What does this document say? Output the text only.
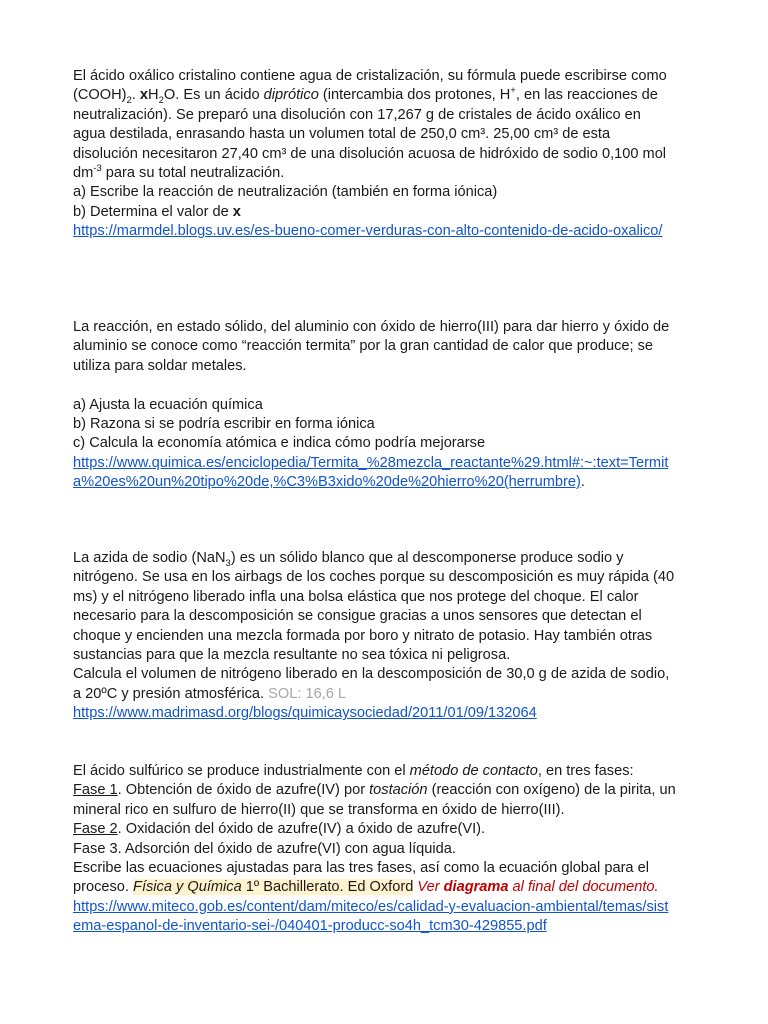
El ácido oxálico cristalino contiene agua de cristalización, su fórmula puede escribirse como
$(COOH)_2$. $xH_2O$. Es un ácido diprótico (intercambia dos protones, H+, en las reacciones de
neutralización). Se preparó una disolución con 17,267 g de cristales de ácido oxálico en
agua destilada, enrasando hasta un volumen total de 250,0 cm³. 25,00 cm³ de esta
disolución necesitaron 27,40 cm³ de una disolución acuosa de hidróxido de sodio 0,100 mol
$dm^{-3}$ para su total neutralización.
a) Escribe la reacción de neutralización (también en forma iónica)
b) Determina el valor de x
https://marmdel.blogs.uv.es/es-bueno-comer-verduras-con-alto-contenido-de-acido-oxalico/
La reacción, en estado sólido, del aluminio con óxido de hierro(III) para dar hierro y óxido de
aluminio se conoce como “reacción termita” por la gran cantidad de calor que produce; se
utiliza para soldar metales.

a) Ajusta la ecuación química
b) Razona si se podría escribir en forma iónica
c) Calcula la economía atómica e indica cómo podría mejorarse
https://www.quimica.es/enciclopedia/Termita_%28mezcla_reactante%29.html#:~:text=Termit
a%20es%20un%20tipo%20de,%C3%B3xido%20de%20hierro%20(herrumbre).
La azida de sodio (NaN$_3$) es un sólido blanco que al descomponerse produce sodio y
nitrógeno. Se usa en los airbags de los coches porque su descomposición es muy rápida (40
ms) y el nitrógeno liberado infla una bolsa elástica que nos protege del choque. El calor
necesario para la descomposición se consigue gracias a unos sensores que detectan el
choque y encienden una mezcla formada por boro y nitrato de potasio. Hay también otras
sustancias para que la mezcla resultante no sea tóxica ni peligrosa.
Calcula el volumen de nitrógeno liberado en la descomposición de 30,0 g de azida de sodio,
a 20ºC y presión atmosférica. SOL: 16,6 L
https://www.madrimasd.org/blogs/quimicaysociedad/2011/01/09/132064
El ácido sulfúrico se produce industrialmente con el método de contacto, en tres fases:
Fase 1. Obtención de óxido de azufre(IV) por tostación (reacción con oxígeno) de la pirita, un
mineral rico en sulfuro de hierro(II) que se transforma en óxido de hierro(III).
Fase 2. Oxidación del óxido de azufre(IV) a óxido de azufre(VI).
Fase 3. Adsorción del óxido de azufre(VI) con agua líquida.
Escribe las ecuaciones ajustadas para las tres fases, así como la ecuación global para el
proceso. Física y Química 1º Bachillerato. Ed Oxford Ver diagrama al final del documento.
https://www.miteco.gob.es/content/dam/miteco/es/calidad-y-evaluacion-ambiental/temas/sist
ema-espanol-de-inventario-sei-/040401-producc-so4h_tcm30-429855.pdf
